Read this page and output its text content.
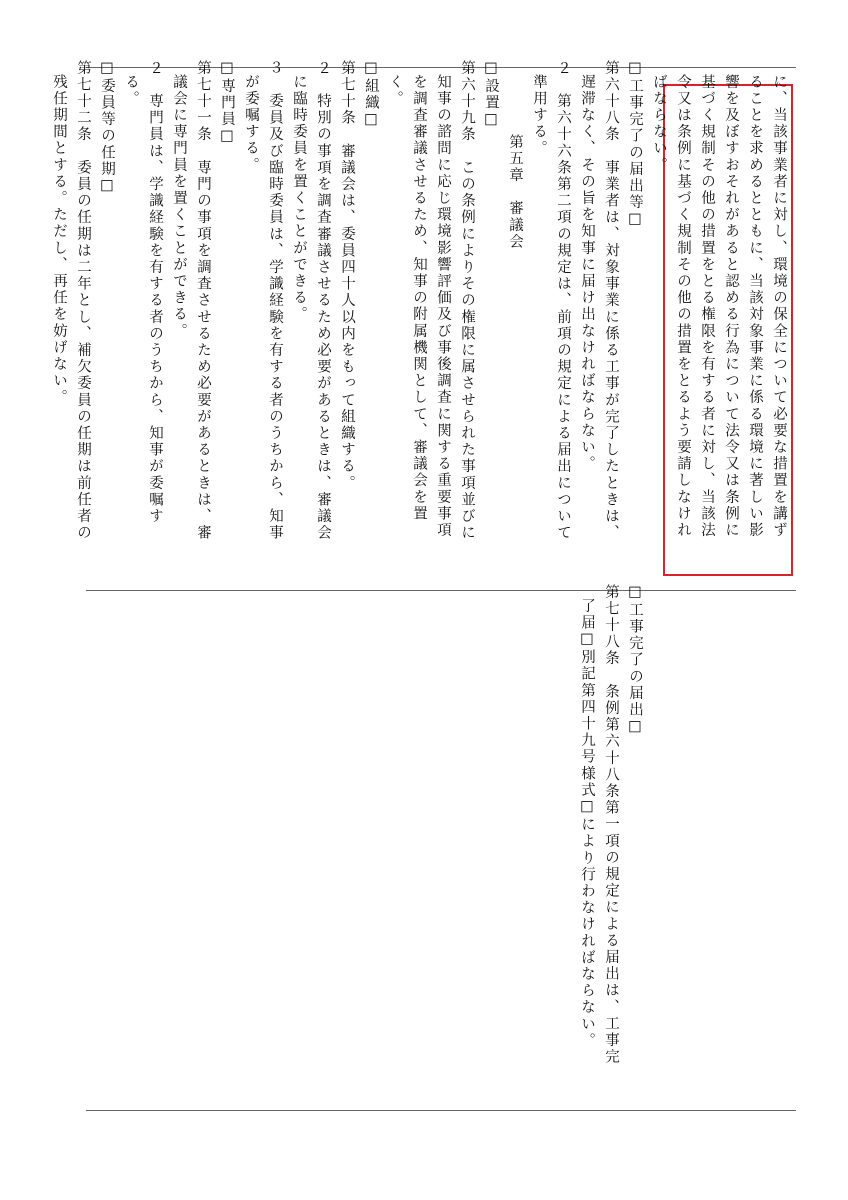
に、当該事業者に対し、環境の保全について必要な措置を講ず
ることを求めるとともに、当該対象事業に係る環境に著しい影
響を及ぼすおそれがあると認める行為について法令又は条例に
基づく規制その他の措置をとる権限を有する者に対し、当該法
令又は条例に基づく規制その他の措置をとるよう要請しなけれ
ばならない。
□工事完了の届出等□
第六十八条　事業者は、対象事業に係る工事が完了したときは、
遅滞なく、その旨を知事に届け出なければならない。
２　第六十六条第二項の規定は、前項の規定による届出について
準用する。
第五章　審議会
□設置□
第六十九条　この条例によりその権限に属させられた事項並びに
知事の諮問に応じ環境影響評価及び事後調査に関する重要事項
を調査審議させるため、知事の附属機関として、審議会を置
く。
□組織□
第七十条　審議会は、委員四十人以内をもって組織する。
２　特別の事項を調査審議させるため必要があるときは、審議会
に臨時委員を置くことができる。
３　委員及び臨時委員は、学識経験を有する者のうちから、知事
が委嘱する。
□専門員□
第七十一条　専門の事項を調査させるため必要があるときは、審
議会に専門員を置くことができる。
２　専門員は、学識経験を有する者のうちから、知事が委嘱す
る。
□委員等の任期□
第七十二条　委員の任期は二年とし、補欠委員の任期は前任者の
残任期間とする。ただし、再任を妨げない。
□工事完了の届出□
第七十八条　条例第六十八条第一項の規定による届出は、工事完
了届□別記第四十九号様式□により行わなければならない。
